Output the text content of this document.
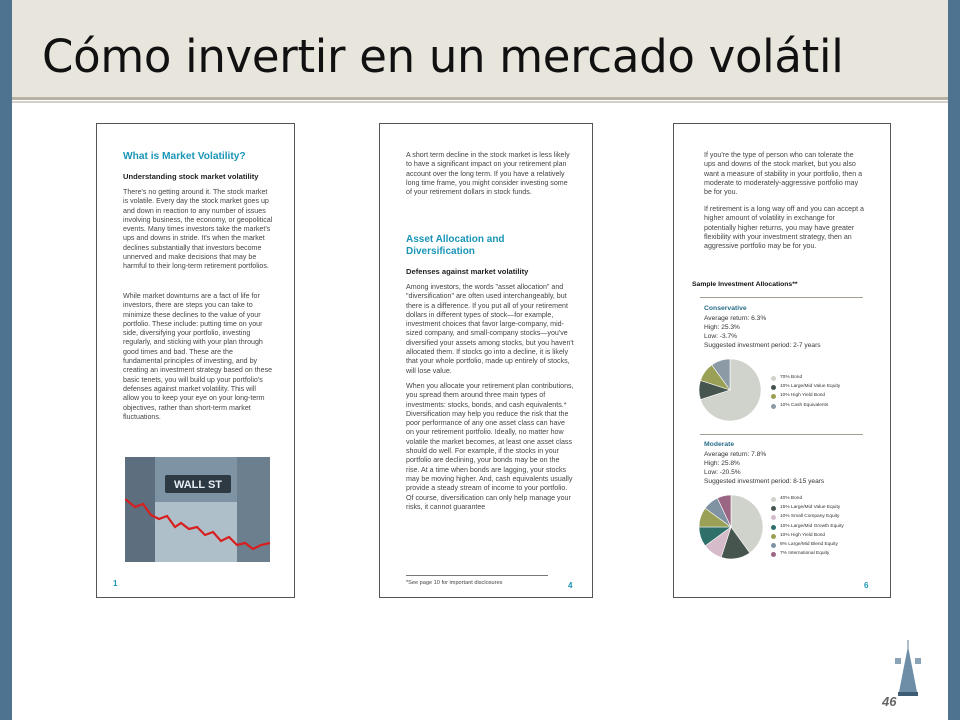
Cómo invertir en un mercado volátil
What is Market Volatility?
Understanding stock market volatility
There's no getting around it. The stock market is volatile. Every day the stock market goes up and down in reaction to any number of issues involving business, the economy, or geopolitical events. Many times investors take the market's ups and downs in stride. It's when the market declines substantially that investors become unnerved and make decisions that may be harmful to their long-term retirement portfolios.
While market downturns are a fact of life for investors, there are steps you can take to minimize these declines to the value of your portfolio. These include: putting time on your side, diversifying your portfolio, investing regularly, and sticking with your plan through good times and bad. These are the fundamental principles of investing, and by creating an investment strategy based on these basic tenets, you will build up your portfolio's defenses against market volatility. This will allow you to keep your eye on your long-term objectives, rather than short-term market fluctuations.
WALL ST
1
A short term decline in the stock market is less likely to have a significant impact on your retirement plan account over the long term. If you have a relatively long time frame, you might consider investing some of your retirement dollars in stock funds.
Asset Allocation and Diversification
Defenses against market volatility
Among investors, the words "asset allocation" and "diversification" are often used interchangeably, but there is a difference. If you put all of your retirement dollars in different types of stock—for example, investment choices that favor large-company, mid-sized company, and small-company stocks—you've diversified your assets among stocks, but you haven't allocated them. If stocks go into a decline, it is likely that your whole portfolio, made up entirely of stocks, will lose value.
When you allocate your retirement plan contributions, you spread them around three main types of investments: stocks, bonds, and cash equivalents.* Diversification may help you reduce the risk that the poor performance of any one asset class can have on your retirement portfolio. Ideally, no matter how volatile the market becomes, at least one asset class should do well. For example, if the stocks in your portfolio are declining, your bonds may be on the rise. At a time when bonds are lagging, your stocks may be moving higher. And, cash equivalents usually provide a steady stream of income to your portfolio. Of course, diversification can only help manage your risks, it cannot guarantee
*See page 10 for important disclosures	4
If you're the type of person who can tolerate the ups and downs of the stock market, but you also want a measure of stability in your portfolio, then a moderate to moderately-aggressive portfolio may be for you.
If retirement is a long way off and you can accept a higher amount of volatility in exchange for potentially higher returns, you may have greater flexibility with your investment strategy, then an aggressive portfolio may be for you.
Sample Investment Allocations**
Conservative
Average return: 6.3%
High: 25.3%
Low: -3.7%
Suggested investment period: 2-7 years
70% Bond
10% Large/Mid Value Equity
10% High Yield Bond
10% Cash Equivalents
Moderate
Average return: 7.8%
High: 25.8%
Low: -20.5%
Suggested investment period: 8-15 years
40% Bond
15% Large/Mid Value Equity
10% Small Company Equity
10% Large/Mid Growth Equity
10% High Yield Bond
8% Large/Mid Blend Equity
7% International Equity
6
46
